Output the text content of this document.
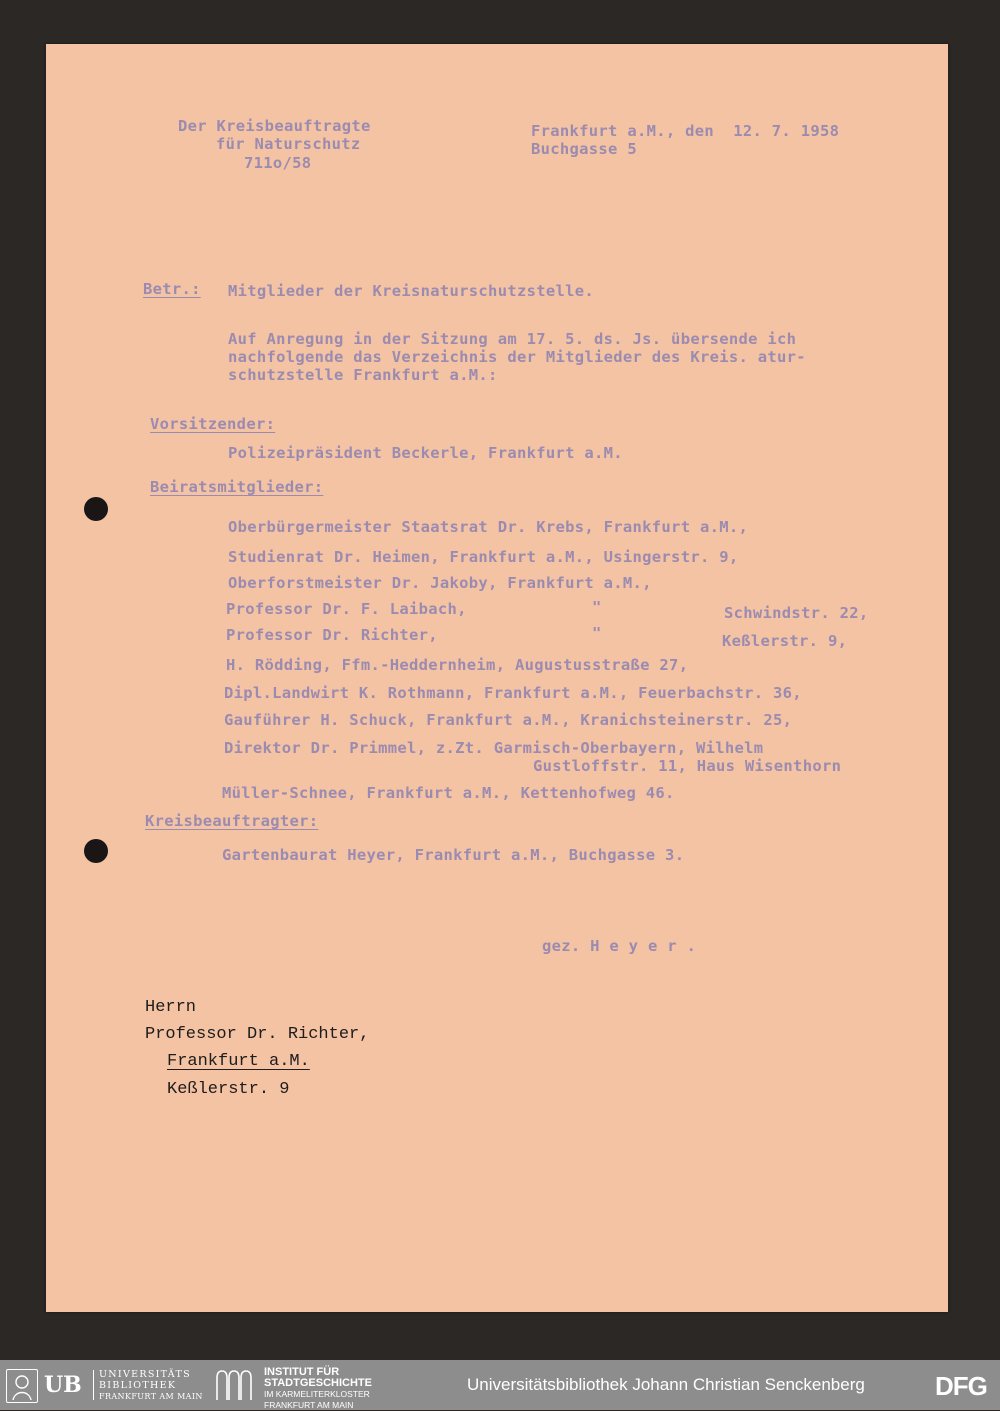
Der Kreisbeauftragte
für Naturschutz
711o/58
Frankfurt a.M., den  12. 7. 1958
Buchgasse 5
Betr.: Mitglieder der Kreisnaturschutzstelle.
Auf Anregung in der Sitzung am 17. 5. ds. Js. übersende ich
nachfolgende das Verzeichnis der Mitglieder des Kreis. atur-
schutzstelle Frankfurt a.M.:
Vorsitzender:
Polizeipräsident Beckerle, Frankfurt a.M.
Beiratsmitglieder:
Oberbürgermeister Staatsrat Dr. Krebs, Frankfurt a.M.,
Studienrat Dr. Heimen, Frankfurt a.M., Usingerstr. 9,
Oberforstmeister Dr. Jakoby, Frankfurt a.M.,
Professor Dr. F. Laibach,	"	Schwindstr. 22,
Professor Dr. Richter,	"	Keßlerstr. 9,
H. Rödding, Ffm.-Heddernheim, Augustusstraße 27,
Dipl.Landwirt K. Rothmann, Frankfurt a.M., Feuerbachstr. 36,
Gauführer H. Schuck, Frankfurt a.M., Kranichsteinerstr. 25,
Direktor Dr. Primmel, z.Zt. Garmisch-Oberbayern, Wilhelm
Gustloffstr. 11, Haus Wisenthorn
Müller-Schnee, Frankfurt a.M., Kettenhofweg 46.
Kreisbeauftragter:
Gartenbaurat Heyer, Frankfurt a.M., Buchgasse 3.
gez. H e y e r .
Herrn
Professor Dr. Richter,
Frankfurt a.M.
Keßlerstr. 9
UB UNIVERSITÄTS
BIBLIOTHEK
FRANKFURT AM MAIN
INSTITUT FÜR
STADTGESCHICHTE
IM KARMELITERKLOSTER
FRANKFURT AM MAIN
Universitätsbibliothek Johann Christian Senckenberg	DFG
